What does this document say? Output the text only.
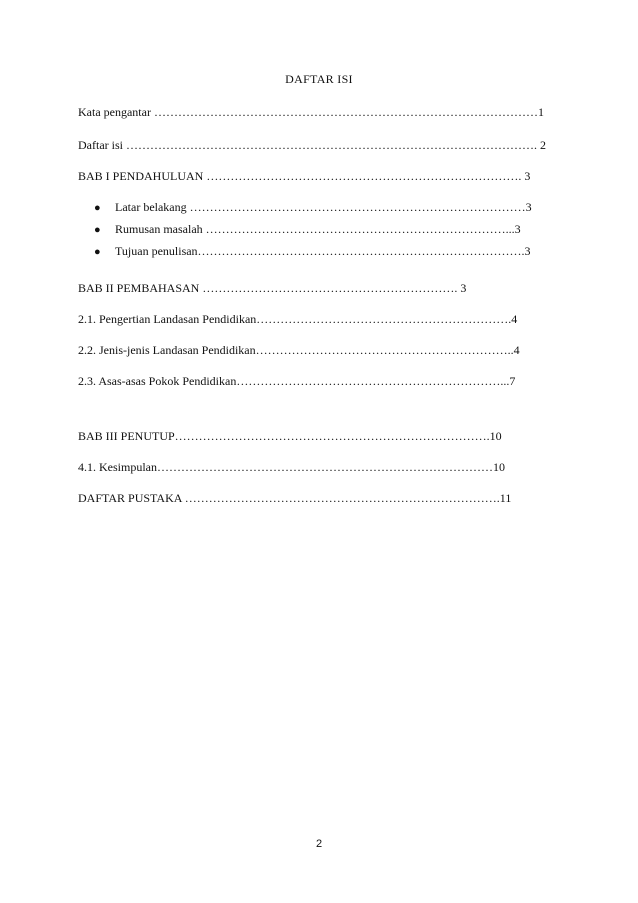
DAFTAR ISI
Kata pengantar ……………………………………………………………………………………1
Daftar isi …………………………………………………………………………………………. 2
BAB I PENDAHULUAN ……………………………………………………………………. 3
● Latar belakang …………………………………………………………………………3
● Rumusan masalah …………………………………………………………………...3
● Tujuan penulisan……………………………………………………………………….3
BAB II PEMBAHASAN ………………………………………………………. 3
2.1. Pengertian Landasan Pendidikan……………………………………………………….4
2.2. Jenis-jenis Landasan Pendidikan………………………………………………………..4
2.3. Asas-asas Pokok Pendidikan…………………………………………………………...7
BAB III PENUTUP…………………………………………………………………….10
4.1. Kesimpulan…………………………………………………………………………10
DAFTAR PUSTAKA …………………………………………………………………….11
2
